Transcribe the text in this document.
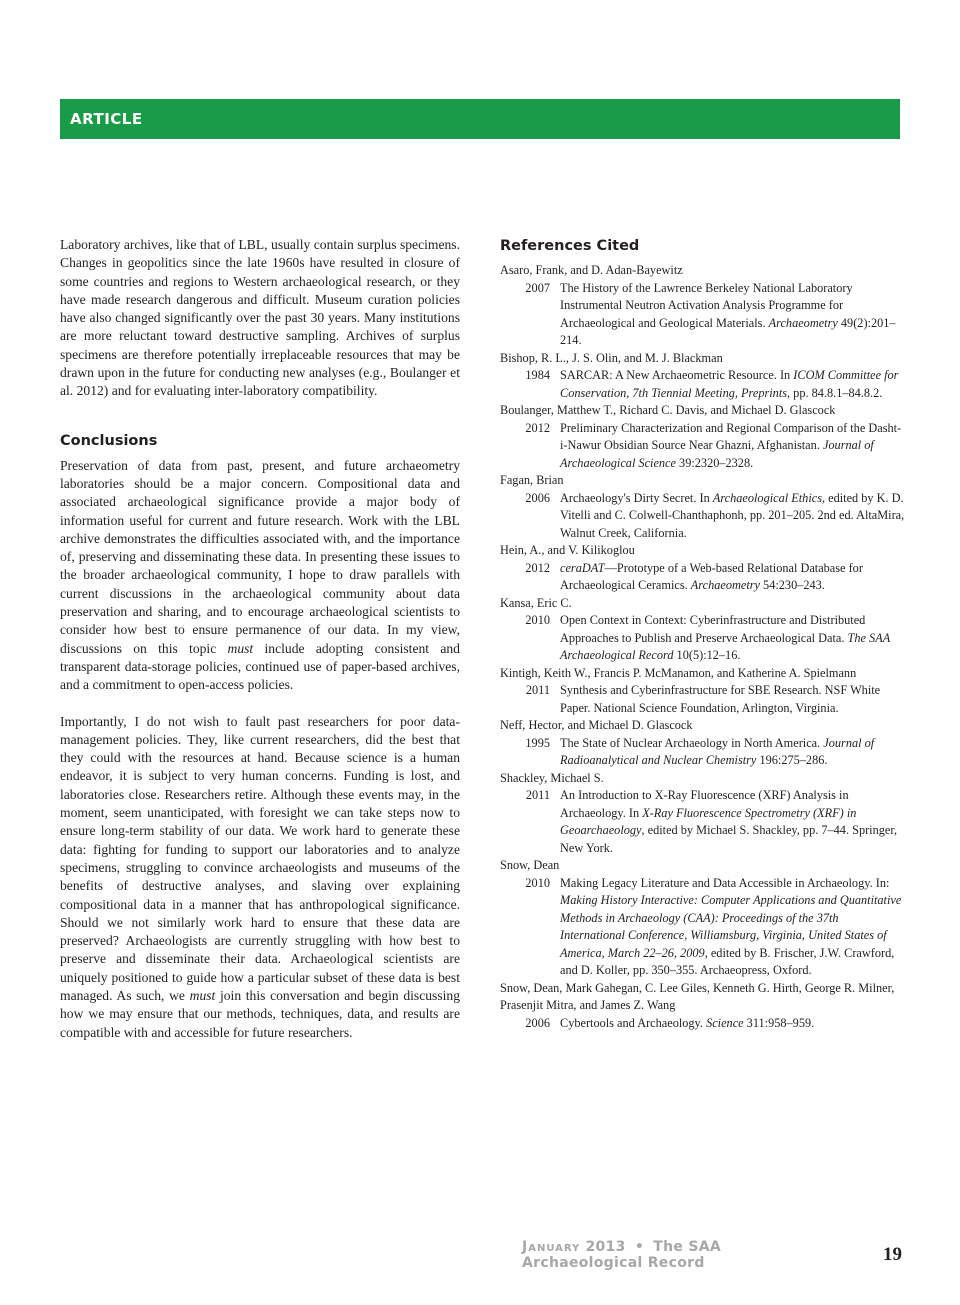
ARTICLE

Laboratory archives, like that of LBL, usually contain surplus specimens. Changes in geopolitics since the late 1960s have resulted in closure of some countries and regions to Western archaeological research, or they have made research dangerous and difficult. Museum curation policies have also changed significantly over the past 30 years. Many institutions are more reluctant toward destructive sampling. Archives of surplus specimens are therefore potentially irreplaceable resources that may be drawn upon in the future for conducting new analyses (e.g., Boulanger et al. 2012) and for evaluating inter-laboratory compatibility.

Conclusions

Preservation of data from past, present, and future archaeometry laboratories should be a major concern. Compositional data and associated archaeological significance provide a major body of information useful for current and future research. Work with the LBL archive demonstrates the difficulties associated with, and the importance of, preserving and disseminating these data. In presenting these issues to the broader archaeological community, I hope to draw parallels with current discussions in the archaeological community about data preservation and sharing, and to encourage archaeological scientists to consider how best to ensure permanence of our data. In my view, discussions on this topic must include adopting consistent and transparent data-storage policies, continued use of paper-based archives, and a commitment to open-access policies.

Importantly, I do not wish to fault past researchers for poor data-management policies. They, like current researchers, did the best that they could with the resources at hand. Because science is a human endeavor, it is subject to very human concerns. Funding is lost, and laboratories close. Researchers retire. Although these events may, in the moment, seem unanticipated, with foresight we can take steps now to ensure long-term stability of our data. We work hard to generate these data: fighting for funding to support our laboratories and to analyze specimens, struggling to convince archaeologists and museums of the benefits of destructive analyses, and slaving over explaining compositional data in a manner that has anthropological significance. Should we not similarly work hard to ensure that these data are preserved? Archaeologists are currently struggling with how best to preserve and disseminate their data. Archaeological scientists are uniquely positioned to guide how a particular subset of these data is best managed. As such, we must join this conversation and begin discussing how we may ensure that our methods, techniques, data, and results are compatible with and accessible for future researchers.

References Cited

Asaro, Frank, and D. Adan-Bayewitz

2007 The History of the Lawrence Berkeley National Laboratory Instrumental Neutron Activation Analysis Programme for Archaeological and Geological Materials. Archaeometry 49(2):201–214.

Bishop, R. L., J. S. Olin, and M. J. Blackman

1984 SARCAR: A New Archaeometric Resource. In ICOM Committee for Conservation, 7th Tiennial Meeting, Preprints, pp. 84.8.1–84.8.2.

Boulanger, Matthew T., Richard C. Davis, and Michael D. Glascock

2012 Preliminary Characterization and Regional Comparison of the Dasht-i-Nawur Obsidian Source Near Ghazni, Afghanistan. Journal of Archaeological Science 39:2320–2328.

Fagan, Brian

2006 Archaeology's Dirty Secret. In Archaeological Ethics, edited by K. D. Vitelli and C. Colwell-Chanthaphonh, pp. 201–205. 2nd ed. AltaMira, Walnut Creek, California.

Hein, A., and V. Kilikoglou

2012 ceraDAT—Prototype of a Web-based Relational Database for Archaeological Ceramics. Archaeometry 54:230–243.

Kansa, Eric C.

2010 Open Context in Context: Cyberinfrastructure and Distributed Approaches to Publish and Preserve Archaeological Data. The SAA Archaeological Record 10(5):12–16.

Kintigh, Keith W., Francis P. McManamon, and Katherine A. Spielmann

2011 Synthesis and Cyberinfrastructure for SBE Research. NSF White Paper. National Science Foundation, Arlington, Virginia.

Neff, Hector, and Michael D. Glascock

1995 The State of Nuclear Archaeology in North America. Journal of Radioanalytical and Nuclear Chemistry 196:275–286.

Shackley, Michael S.

2011 An Introduction to X-Ray Fluorescence (XRF) Analysis in Archaeology. In X-Ray Fluorescence Spectrometry (XRF) in Geoarchaeology, edited by Michael S. Shackley, pp. 7–44. Springer, New York.

Snow, Dean

2010 Making Legacy Literature and Data Accessible in Archaeology. In: Making History Interactive: Computer Applications and Quantitative Methods in Archaeology (CAA): Proceedings of the 37th International Conference, Williamsburg, Virginia, United States of America, March 22–26, 2009, edited by B. Frischer, J.W. Crawford, and D. Koller, pp. 350–355. Archaeopress, Oxford.

Snow, Dean, Mark Gahegan, C. Lee Giles, Kenneth G. Hirth, George R. Milner, Prasenjit Mitra, and James Z. Wang

2006 Cybertools and Archaeology. Science 311:958–959.
January 2013 • The SAA Archaeological Record	19
